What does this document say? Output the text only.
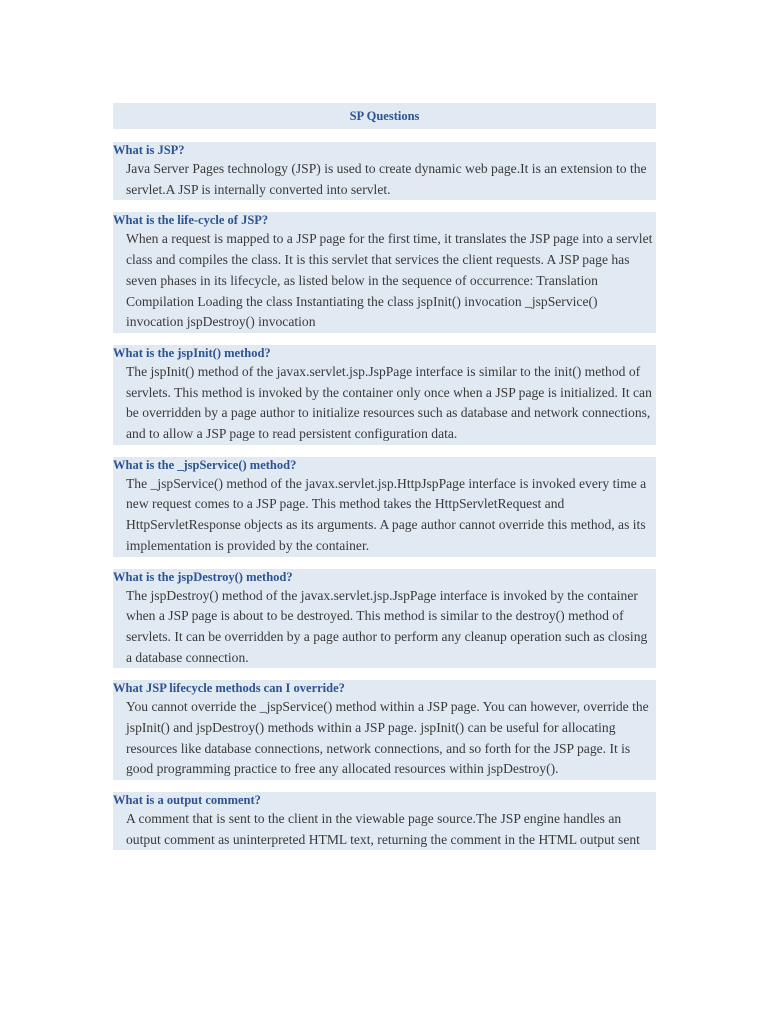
SP Questions
What is JSP?
Java Server Pages technology (JSP) is used to create dynamic web page.It is an extension to the servlet.A JSP is internally converted into servlet.
What is the life-cycle of JSP?
When a request is mapped to a JSP page for the first time, it translates the JSP page into a servlet class and compiles the class. It is this servlet that services the client requests. A JSP page has seven phases in its lifecycle, as listed below in the sequence of occurrence: Translation Compilation Loading the class Instantiating the class jspInit() invocation _jspService() invocation jspDestroy() invocation
What is the jspInit() method?
The jspInit() method of the javax.servlet.jsp.JspPage interface is similar to the init() method of servlets. This method is invoked by the container only once when a JSP page is initialized. It can be overridden by a page author to initialize resources such as database and network connections, and to allow a JSP page to read persistent configuration data.
What is the _jspService() method?
The _jspService() method of the javax.servlet.jsp.HttpJspPage interface is invoked every time a new request comes to a JSP page. This method takes the HttpServletRequest and HttpServletResponse objects as its arguments. A page author cannot override this method, as its implementation is provided by the container.
What is the jspDestroy() method?
The jspDestroy() method of the javax.servlet.jsp.JspPage interface is invoked by the container when a JSP page is about to be destroyed. This method is similar to the destroy() method of servlets. It can be overridden by a page author to perform any cleanup operation such as closing a database connection.
What JSP lifecycle methods can I override?
You cannot override the _jspService() method within a JSP page. You can however, override the jspInit() and jspDestroy() methods within a JSP page. jspInit() can be useful for allocating resources like database connections, network connections, and so forth for the JSP page. It is good programming practice to free any allocated resources within jspDestroy().
What is a output comment?
A comment that is sent to the client in the viewable page source.The JSP engine handles an output comment as uninterpreted HTML text, returning the comment in the HTML output sent
